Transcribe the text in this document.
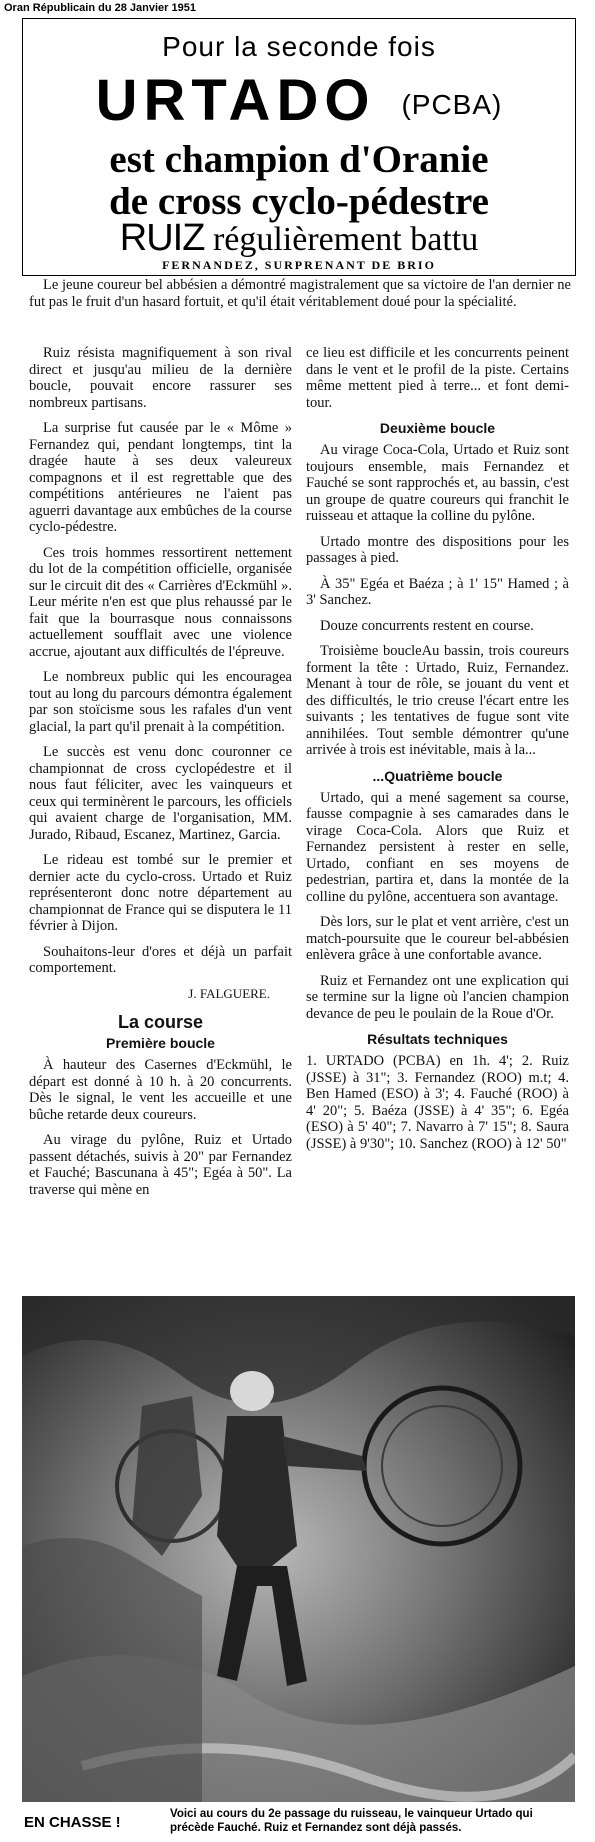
Oran Républicain du 28 Janvier 1951
Pour la seconde fois
URTADO (PCBA)
est champion d'Oranie
de cross cyclo-pédestre
RUIZ régulièrement battu
FERNANDEZ, SURPRENANT DE BRIO
Le jeune coureur bel abbésien a démontré magistralement que sa victoire de l'an dernier ne fut pas le fruit d'un hasard fortuit, et qu'il était véritablement doué pour la spécialité.

Ruiz résista magnifiquement à son rival direct et jusqu'au milieu de la dernière boucle, pouvait encore rassurer ses nombreux partisans.

La surprise fut causée par le « Môme » Fernandez qui, pendant longtemps, tint la dragée haute à ses deux valeureux compagnons et il est regrettable que des compétitions antérieures ne l'aient pas aguerri davantage aux embûches de la course cyclo-pédestre.

Ces trois hommes ressortirent nettement du lot de la compétition officielle, organisée sur le circuit dit des « Carrières d'Eckmühl ». Leur mérite n'en est que plus rehaussé par le fait que la bourrasque nous connaissons actuellement soufflait avec une violence accrue, ajoutant aux difficultés de l'épreuve.

Le nombreux public qui les encouragea tout au long du parcours démontra également par son stoïcisme sous les rafales d'un vent glacial, la part qu'il prenait à la compétition.

Le succès est venu donc couronner ce championnat de cross cyclopédestre et il nous faut féliciter, avec les vainqueurs et ceux qui terminèrent le parcours, les officiels qui avaient charge de l'organisation, MM. Jurado, Ribaud, Escanez, Martinez, Garcia.

Le rideau est tombé sur le premier et dernier acte du cyclo-cross. Urtado et Ruiz représenteront donc notre département au championnat de France qui se disputera le 11 février à Dijon.

Souhaitons-leur d'ores et déjà un parfait comportement.

J. FALGUERE.
La course
Première boucle

À hauteur des Casernes d'Eckmühl, le départ est donné à 10 h. à 20 concurrents. Dès le signal, le vent les accueille et une bûche retarde deux coureurs.

Au virage du pylône, Ruiz et Urtado passent détachés, suivis à 20" par Fernandez et Fauché; Bascunana à 45"; Egéa à 50". La traverse qui mène en

ce lieu est difficile et les concurrents peinent dans le vent et le profil de la piste. Certains même mettent pied à terre... et font demi-tour.

Deuxième boucle

Au virage Coca-Cola, Urtado et Ruiz sont toujours ensemble, mais Fernandez et Fauché se sont rapprochés et, au bassin, c'est un groupe de quatre coureurs qui franchit le ruisseau et attaque la colline du pylône.

Urtado montre des dispositions pour les passages à pied.

À 35" Egéa et Baéza ; à 1' 15" Hamed ; à 3' Sanchez.

Douze concurrents restent en course.

Troisième boucleAu bassin, trois coureurs forment la tête : Urtado, Ruiz, Fernandez. Menant à tour de rôle, se jouant du vent et des difficultés, le trio creuse l'écart entre les suivants ; les tentatives de fugue sont vite annihilées. Tout semble démontrer qu'une arrivée à trois est inévitable, mais à la...

...Quatrième boucle

Urtado, qui a mené sagement sa course, fausse compagnie à ses camarades dans le virage Coca-Cola. Alors que Ruiz et Fernandez persistent à rester en selle, Urtado, confiant en ses moyens de pedestrian, partira et, dans la montée de la colline du pylône, accentuera son avantage.

Dès lors, sur le plat et vent arrière, c'est un match-poursuite que le coureur bel-abbésien enlèvera grâce à une confortable avance.

Ruiz et Fernandez ont une explication qui se termine sur la ligne où l'ancien champion devance de peu le poulain de la Roue d'Or.

Résultats techniques

1. URTADO (PCBA) en 1h. 4'; 2. Ruiz (JSSE) à 31"; 3. Fernandez (ROO) m.t; 4. Ben Hamed (ESO) à 3'; 4. Fauché (ROO) à 4' 20"; 5. Baéza (JSSE) à 4' 35"; 6. Egéa (ESO) à 5' 40"; 7. Navarro à 7' 15"; 8. Saura (JSSE) à 9'30"; 10. Sanchez (ROO) à 12' 50"

EN CHASSE !	Voici au cours du 2e passage du ruisseau, le vainqueur Urtado qui précède Fauché. Ruiz et Fernandez sont déjà passés.
